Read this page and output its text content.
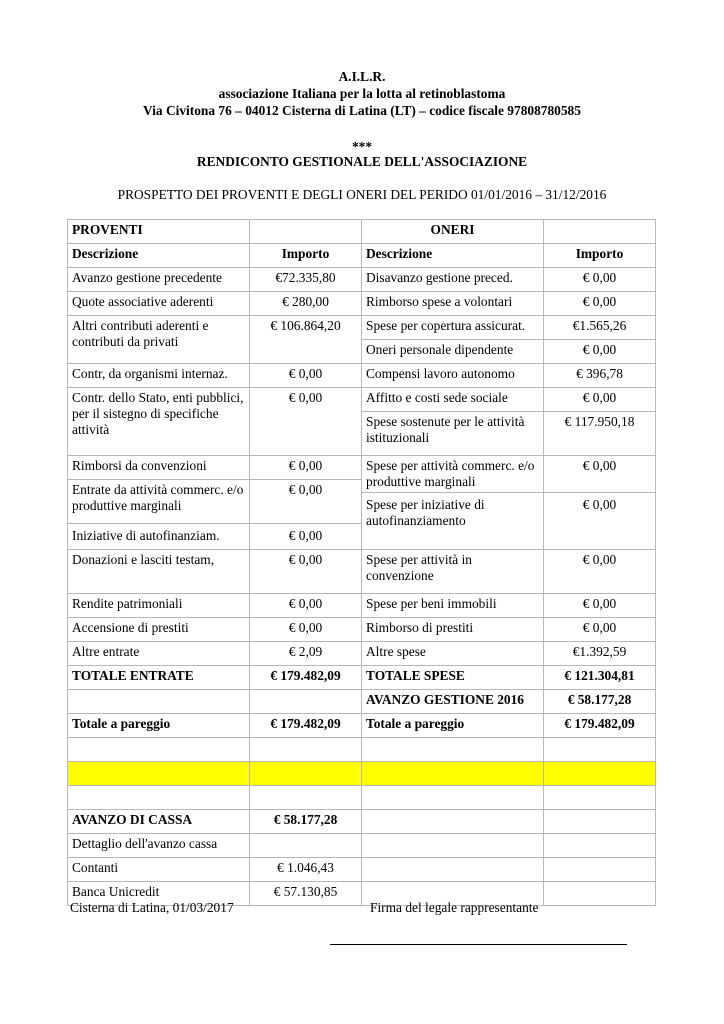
A.I.L.R.
associazione Italiana per la lotta al retinoblastoma
Via Civitona 76 – 04012 Cisterna di Latina (LT) – codice fiscale 97808780585
***
RENDICONTO GESTIONALE DELL'ASSOCIAZIONE
PROSPETTO DEI PROVENTI E DEGLI ONERI DEL PERIDO 01/01/2016 – 31/12/2016
PROVENTI		ONERI	
Descrizione	Importo	Descrizione	Importo
Avanzo gestione precedente	€72.335,80	Disavanzo gestione preced.	€ 0,00
Quote associative aderenti	€ 280,00	Rimborso spese a volontari	€ 0,00
Altri contributi aderenti e contributi da privati	€ 106.864,20	Spese per copertura assicurat.	€1.565,26
		Oneri personale dipendente	€ 0,00
Contr, da organismi internaz.	€ 0,00	Compensi lavoro autonomo	€ 396,78
Contr. dello Stato, enti pubblici, per il sistegno di specifiche attività	€ 0,00	Affitto e costi sede sociale	€ 0,00
		Spese sostenute per le attività istituzionali	€ 117.950,18
Rimborsi da convenzioni	€ 0,00	Spese per attività commerc. e/o produttive marginali	€ 0,00
Entrate da attività commerc. e/o produttive marginali	€ 0,00		
		Spese per iniziative di autofinanziamento	€ 0,00
Iniziative di autofinanziam.	€ 0,00		
Donazioni e lasciti testam,	€ 0,00	Spese per attività in convenzione	€ 0,00
Rendite patrimoniali	€ 0,00	Spese per beni immobili	€ 0,00
Accensione di prestiti	€ 0,00	Rimborso di prestiti	€ 0,00
Altre entrate	€ 2,09	Altre spese	€1.392,59
TOTALE ENTRATE	€ 179.482,09	TOTALE SPESE	€ 121.304,81
		AVANZO GESTIONE 2016	€ 58.177,28
Totale a pareggio	€ 179.482,09	Totale a pareggio	€ 179.482,09

AVANZO DI CASSA	€ 58.177,28		
Dettaglio dell'avanzo cassa			
Contanti	€ 1.046,43		
Banca Unicredit	€ 57.130,85		
Cisterna di Latina, 01/03/2017	Firma del legale rappresentante
